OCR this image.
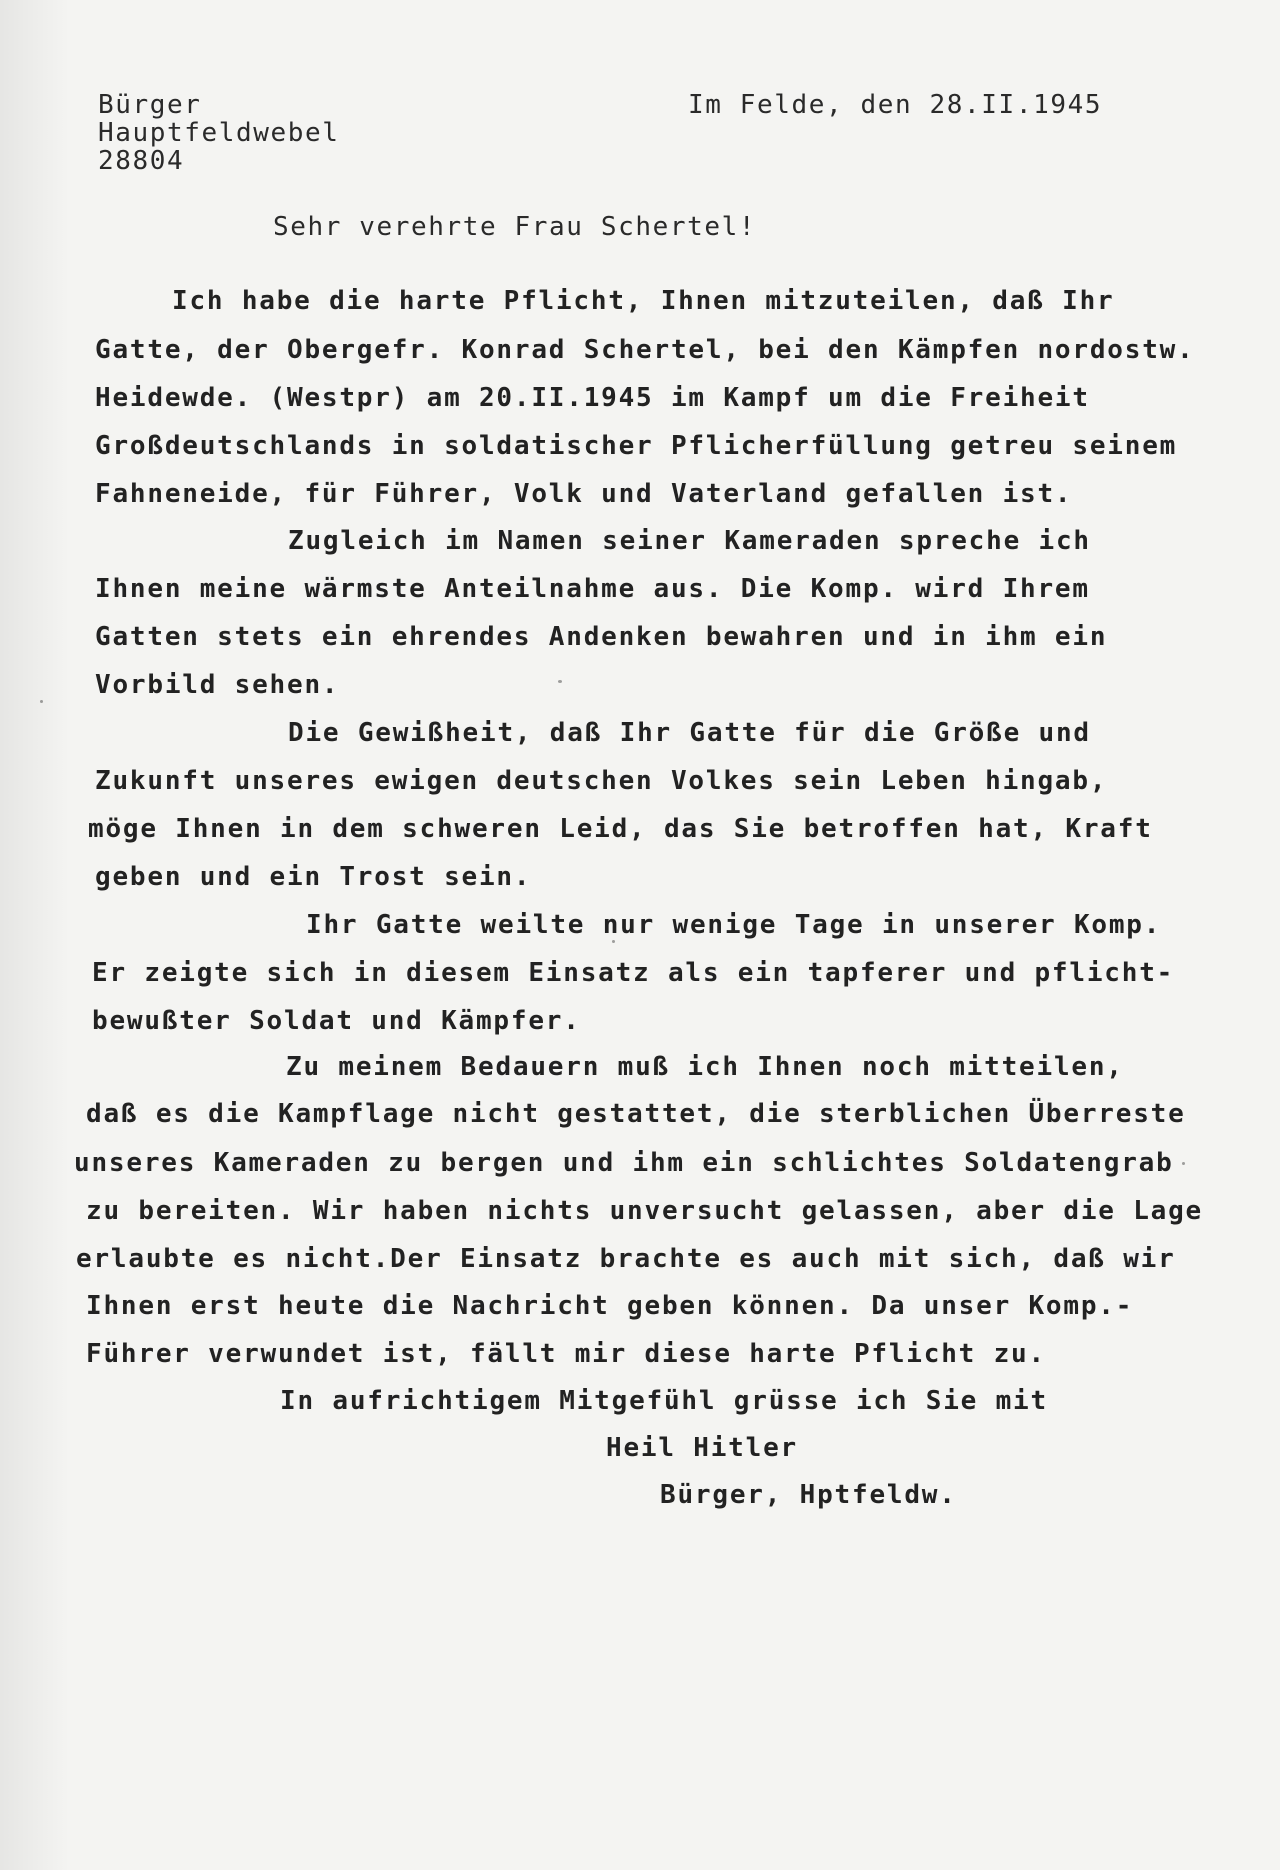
Bürger
Hauptfeldwebel
28804
Im Felde, den 28.II.1945
Sehr verehrte Frau Schertel!
Ich habe die harte Pflicht, Ihnen mitzuteilen, daß Ihr
Gatte, der Obergefr. Konrad Schertel, bei den Kämpfen nordostw.
Heidewde. (Westpr) am 20.II.1945 im Kampf um die Freiheit
Großdeutschlands in soldatischer Pflicherfüllung getreu seinem
Fahneneide, für Führer, Volk und Vaterland gefallen ist.
Zugleich im Namen seiner Kameraden spreche ich
Ihnen meine wärmste Anteilnahme aus. Die Komp. wird Ihrem
Gatten stets ein ehrendes Andenken bewahren und in ihm ein
Vorbild sehen.
Die Gewißheit, daß Ihr Gatte für die Größe und
Zukunft unseres ewigen deutschen Volkes sein Leben hingab,
möge Ihnen in dem schweren Leid, das Sie betroffen hat, Kraft
geben und ein Trost sein.
Ihr Gatte weilte nur wenige Tage in unserer Komp.
Er zeigte sich in diesem Einsatz als ein tapferer und pflicht-
bewußter Soldat und Kämpfer.
Zu meinem Bedauern muß ich Ihnen noch mitteilen,
daß es die Kampflage nicht gestattet, die sterblichen Überreste
unseres Kameraden zu bergen und ihm ein schlichtes Soldatengrab
zu bereiten. Wir haben nichts unversucht gelassen, aber die Lage
erlaubte es nicht.Der Einsatz brachte es auch mit sich, daß wir
Ihnen erst heute die Nachricht geben können. Da unser Komp.-
Führer verwundet ist, fällt mir diese harte Pflicht zu.
In aufrichtigem Mitgefühl grüsse ich Sie mit
Heil Hitler
Bürger, Hptfeldw.
